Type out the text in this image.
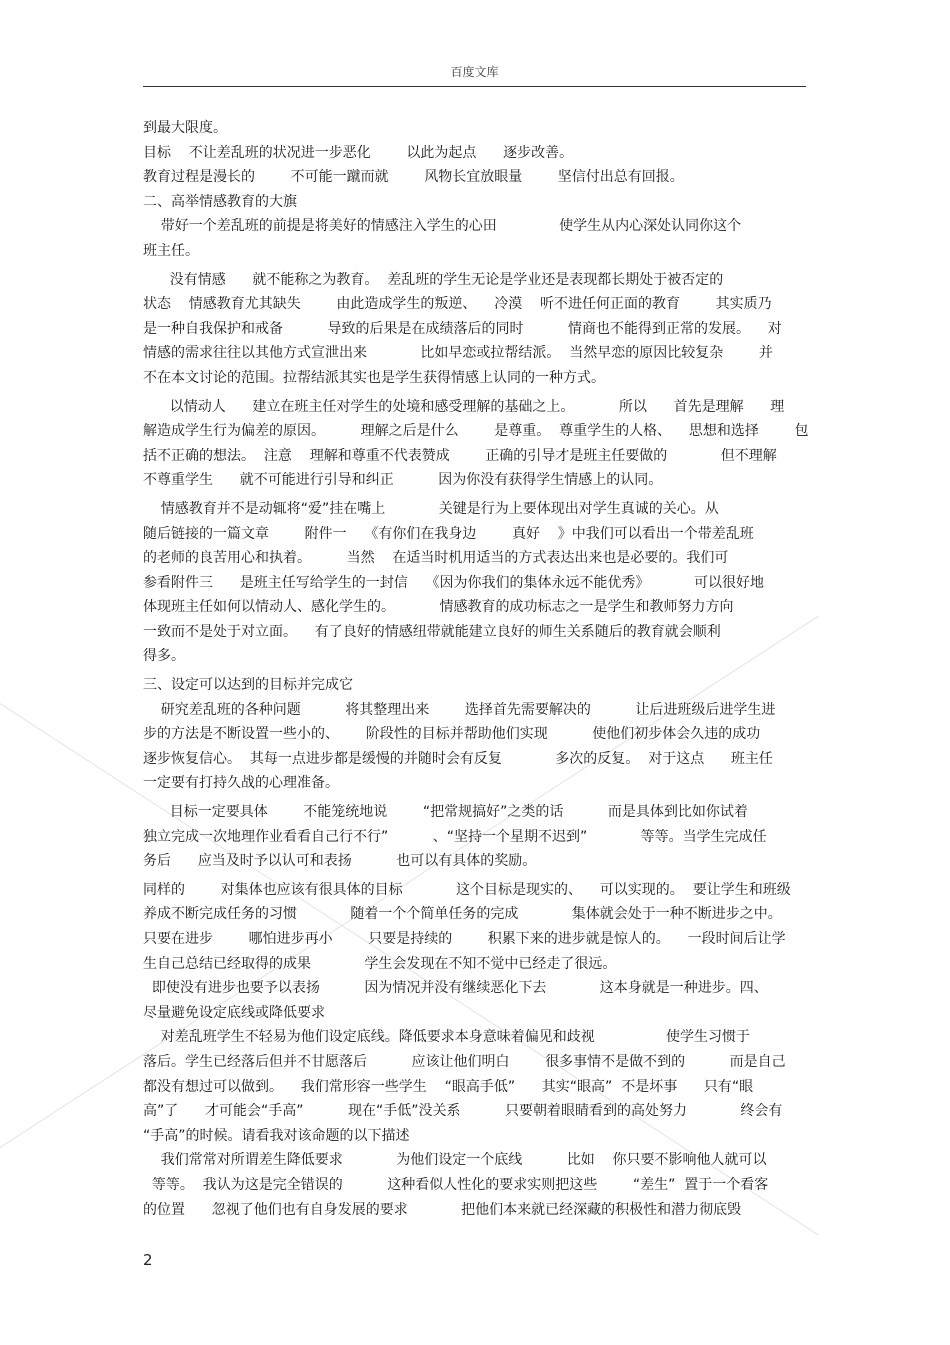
百度文库
到最大限度。
目标    不让差乱班的状况进一步恶化        以此为起点      逐步改善。
教育过程是漫长的        不可能一蹴而就        风物长宜放眼量        坚信付出总有回报。
二、高举情感教育的大旗
带好一个差乱班的前提是将美好的情感注入学生的心田              使学生从内心深处认同你这个
班主任。
没有情感      就不能称之为教育。  差乱班的学生无论是学业还是表现都长期处于被否定的
状态    情感教育尤其缺失        由此造成学生的叛逆、    冷漠    听不进任何正面的教育        其实质乃
是一种自我保护和戒备          导致的后果是在成绩落后的同时          情商也不能得到正常的发展。    对
情感的需求往往以其他方式宣泄出来            比如早恋或拉帮结派。  当然早恋的原因比较复杂        并
不在本文讨论的范围。拉帮结派其实也是学生获得情感上认同的一种方式。
以情动人      建立在班主任对学生的处境和感受理解的基础之上。          所以      首先是理解      理
解造成学生行为偏差的原因。        理解之后是什么        是尊重。  尊重学生的人格、    思想和选择        包
括不正确的想法。  注意    理解和尊重不代表赞成        正确的引导才是班主任要做的            但不理解
不尊重学生      就不可能进行引导和纠正          因为你没有获得学生情感上的认同。
情感教育并不是动辄将“爱”挂在嘴上            关键是行为上要体现出对学生真诚的关心。从
随后链接的一篇文章        附件一    《有你们在我身边        真好    》中我们可以看出一个带差乱班
的老师的良苦用心和执着。        当然    在适当时机用适当的方式表达出来也是必要的。我们可
参看附件三      是班主任写给学生的一封信    《因为你我们的集体永远不能优秀》          可以很好地
体现班主任如何以情动人、感化学生的。          情感教育的成功标志之一是学生和教师努力方向
一致而不是处于对立面。    有了良好的情感纽带就能建立良好的师生关系随后的教育就会顺利
得多。
三、设定可以达到的目标并完成它
研究差乱班的各种问题          将其整理出来        选择首先需要解决的          让后进班级后进学生进
步的方法是不断设置一些小的、      阶段性的目标并帮助他们实现          使他们初步体会久违的成功
逐步恢复信心。  其每一点进步都是缓慢的并随时会有反复            多次的反复。  对于这点      班主任
一定要有打持久战的心理准备。
目标一定要具体        不能笼统地说        “把常规搞好”之类的话          而是具体到比如你试着
独立完成一次地理作业看看自己行不行”          、“坚持一个星期不迟到”            等等。当学生完成任
务后      应当及时予以认可和表扬          也可以有具体的奖励。
同样的        对集体也应该有很具体的目标            这个目标是现实的、    可以实现的。  要让学生和班级
养成不断完成任务的习惯            随着一个个简单任务的完成            集体就会处于一种不断进步之中。
只要在进步        哪怕进步再小        只要是持续的        积累下来的进步就是惊人的。    一段时间后让学
生自己总结已经取得的成果            学生会发现在不知不觉中已经走了很远。
即使没有进步也要予以表扬          因为情况并没有继续恶化下去            这本身就是一种进步。四、
尽量避免设定底线或降低要求
对差乱班学生不轻易为他们设定底线。降低要求本身意味着偏见和歧视                使学生习惯于
落后。学生已经落后但并不甘愿落后          应该让他们明白        很多事情不是做不到的          而是自己
都没有想过可以做到。    我们常形容一些学生    “眼高手低”      其实“眼高”  不是坏事      只有“眼
高”了      才可能会“手高”          现在“手低”没关系          只要朝着眼睛看到的高处努力            终会有
“手高”的时候。请看我对该命题的以下描述
我们常常对所谓差生降低要求            为他们设定一个底线          比如    你只要不影响他人就可以
等等。  我认为这是完全错误的          这种看似人性化的要求实则把这些        “差生”  置于一个看客
的位置      忽视了他们也有自身发展的要求            把他们本来就已经深藏的积极性和潜力彻底毁
2
